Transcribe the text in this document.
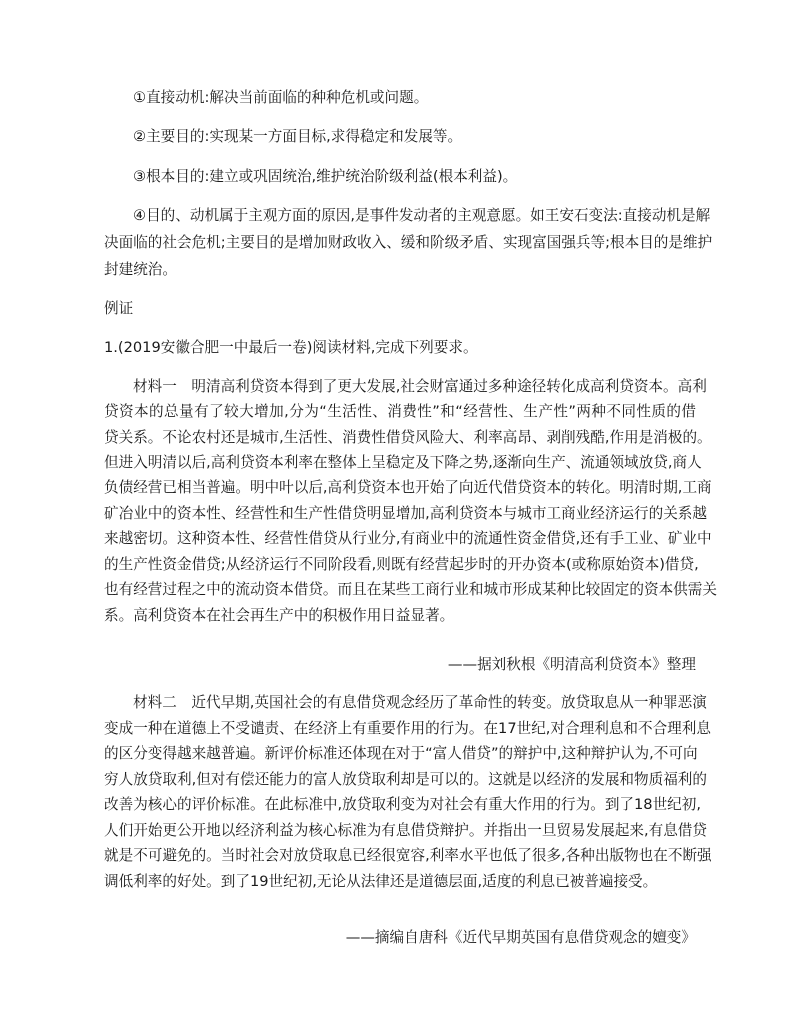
①直接动机:解决当前面临的种种危机或问题。
②主要目的:实现某一方面目标,求得稳定和发展等。
③根本目的:建立或巩固统治,维护统治阶级利益(根本利益)。
④目的、动机属于主观方面的原因,是事件发动者的主观意愿。如王安石变法:直接动机是解
决面临的社会危机;主要目的是增加财政收入、缓和阶级矛盾、实现富国强兵等;根本目的是维护
封建统治。
例证
1.(2019安徽合肥一中最后一卷)阅读材料,完成下列要求。
材料一　明清高利贷资本得到了更大发展,社会财富通过多种途径转化成高利贷资本。高利
贷资本的总量有了较大增加,分为“生活性、消费性”和“经营性、生产性”两种不同性质的借
贷关系。不论农村还是城市,生活性、消费性借贷风险大、利率高昂、剥削残酷,作用是消极的。
但进入明清以后,高利贷资本利率在整体上呈稳定及下降之势,逐渐向生产、流通领域放贷,商人
负债经营已相当普遍。明中叶以后,高利贷资本也开始了向近代借贷资本的转化。明清时期,工商
矿冶业中的资本性、经营性和生产性借贷明显增加,高利贷资本与城市工商业经济运行的关系越
来越密切。这种资本性、经营性借贷从行业分,有商业中的流通性资金借贷,还有手工业、矿业中
的生产性资金借贷;从经济运行不同阶段看,则既有经营起步时的开办资本(或称原始资本)借贷,
也有经营过程之中的流动资本借贷。而且在某些工商行业和城市形成某种比较固定的资本供需关
系。高利贷资本在社会再生产中的积极作用日益显著。
——据刘秋根《明清高利贷资本》整理
材料二　近代早期,英国社会的有息借贷观念经历了革命性的转变。放贷取息从一种罪恶演
变成一种在道德上不受谴责、在经济上有重要作用的行为。在17世纪,对合理利息和不合理利息
的区分变得越来越普遍。新评价标准还体现在对于“富人借贷”的辩护中,这种辩护认为,不可向
穷人放贷取利,但对有偿还能力的富人放贷取利却是可以的。这就是以经济的发展和物质福利的
改善为核心的评价标准。在此标准中,放贷取利变为对社会有重大作用的行为。到了18世纪初,
人们开始更公开地以经济利益为核心标准为有息借贷辩护。并指出一旦贸易发展起来,有息借贷
就是不可避免的。当时社会对放贷取息已经很宽容,利率水平也低了很多,各种出版物也在不断强
调低利率的好处。到了19世纪初,无论从法律还是道德层面,适度的利息已被普遍接受。
——摘编自唐科《近代早期英国有息借贷观念的嬗变》
